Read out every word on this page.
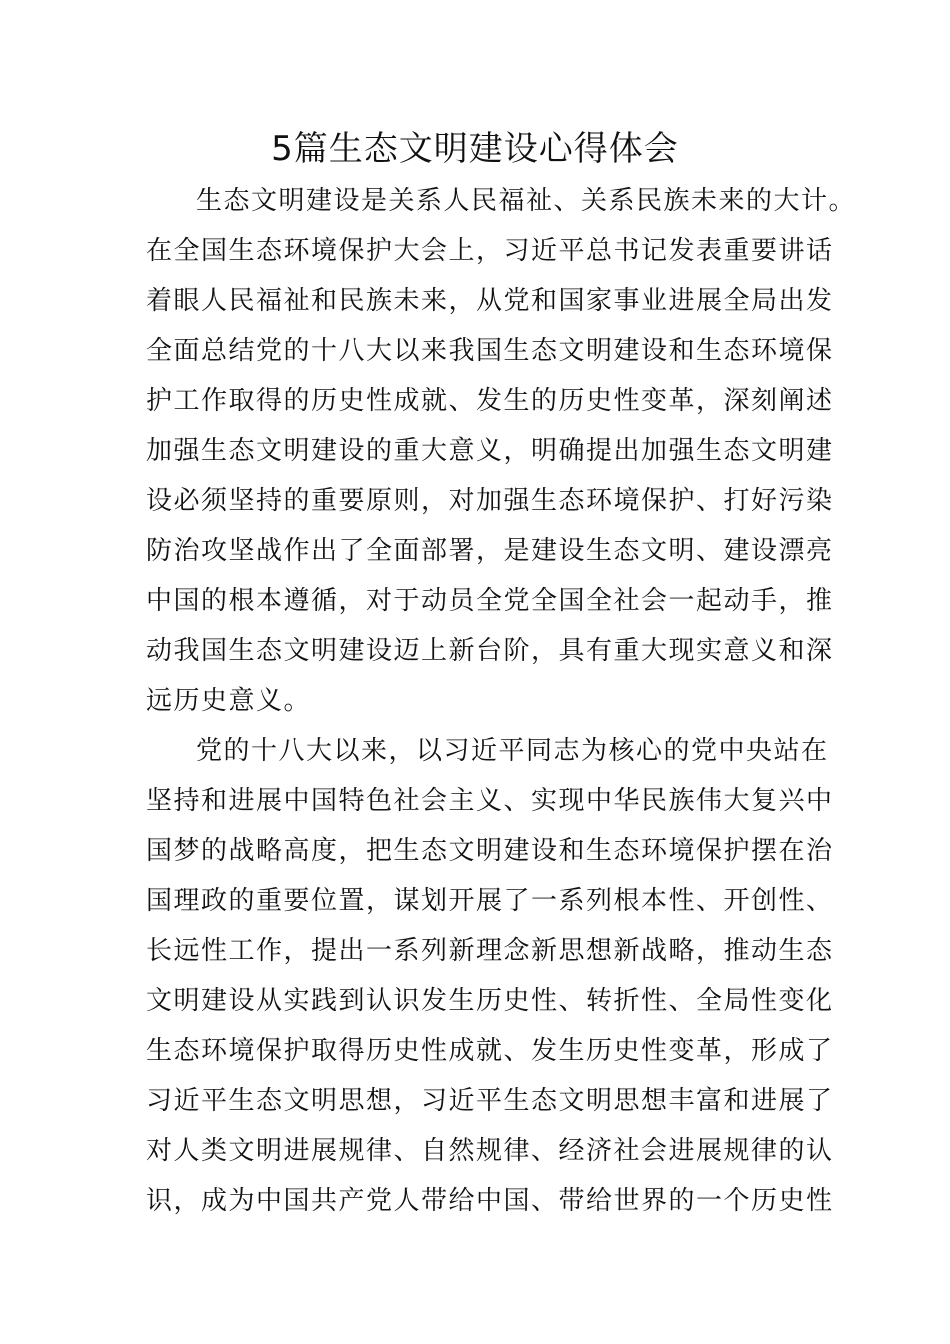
5篇生态文明建设心得体会
生态文明建设是关系人民福祉、关系民族未来的大计。
在全国生态环境保护大会上，习近平总书记发表重要讲话
着眼人民福祉和民族未来，从党和国家事业进展全局出发
全面总结党的十八大以来我国生态文明建设和生态环境保
护工作取得的历史性成就、发生的历史性变革，深刻阐述
加强生态文明建设的重大意义，明确提出加强生态文明建
设必须坚持的重要原则，对加强生态环境保护、打好污染
防治攻坚战作出了全面部署，是建设生态文明、建设漂亮
中国的根本遵循，对于动员全党全国全社会一起动手，推
动我国生态文明建设迈上新台阶，具有重大现实意义和深
远历史意义。
党的十八大以来，以习近平同志为核心的党中央站在
坚持和进展中国特色社会主义、实现中华民族伟大复兴中
国梦的战略高度，把生态文明建设和生态环境保护摆在治
国理政的重要位置，谋划开展了一系列根本性、开创性、
长远性工作，提出一系列新理念新思想新战略，推动生态
文明建设从实践到认识发生历史性、转折性、全局性变化
生态环境保护取得历史性成就、发生历史性变革，形成了
习近平生态文明思想，习近平生态文明思想丰富和进展了
对人类文明进展规律、自然规律、经济社会进展规律的认
识，成为中国共产党人带给中国、带给世界的一个历史性
